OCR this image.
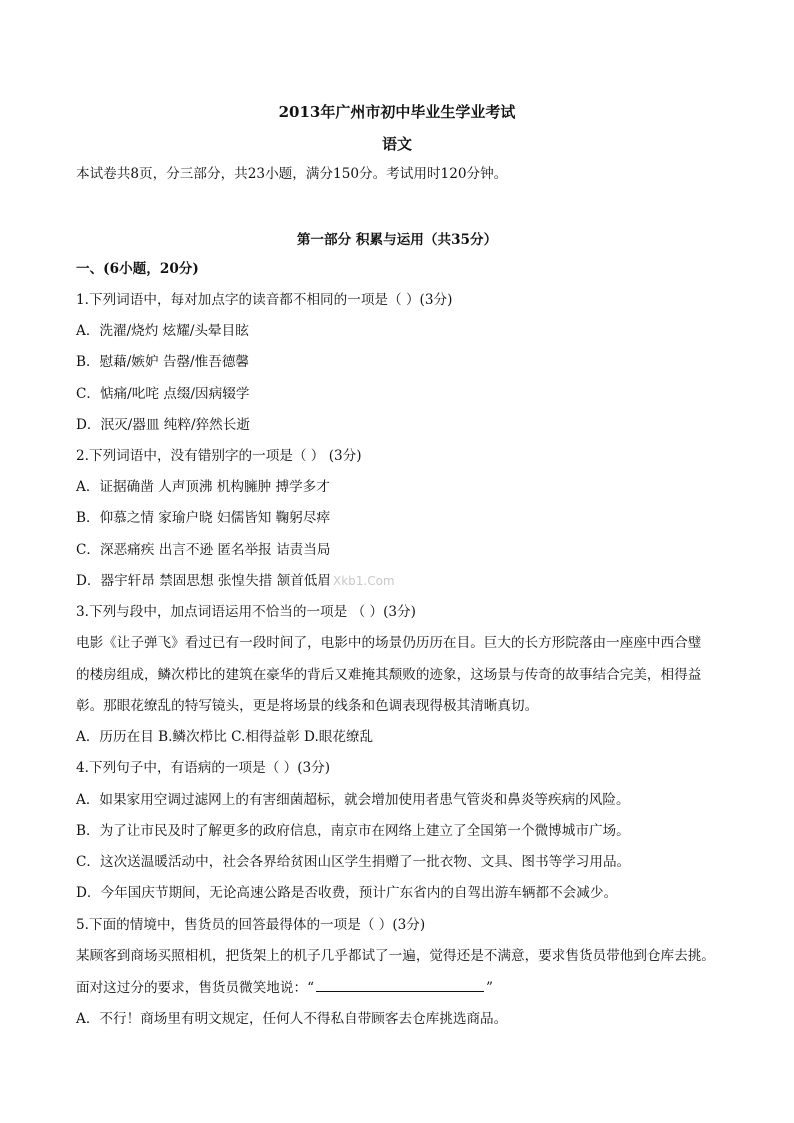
2013年广州市初中毕业生学业考试
语文
本试卷共8页，分三部分，共23小题，满分150分。考试用时120分钟。
第一部分 积累与运用（共35分）
一、(6小题，20分)
1.下列词语中，每对加点字的读音都不相同的一项是（ ）(3分)
A．洗濯/烧灼 炫耀/头晕目眩
B．慰藉/嫉妒 告罄/惟吾德馨
C．惦痛/叱咤 点缀/因病辍学
D．泯灭/器皿 纯粹/猝然长逝
2.下列词语中，没有错别字的一项是（ ） (3分)
A．证据确凿 人声顶沸 机构臃肿 搏学多才
B．仰慕之情 家瑜户晓 妇儒皆知 鞠躬尽瘁
C．深恶痛疾 出言不逊 匿名举报 诘责当局
D．器宇轩昂 禁固思想 张惶失措 颔首低眉 Xkb1.Com
3.下列与段中，加点词语运用不恰当的一项是 （ ）(3分)
电影《让子弹飞》看过已有一段时间了，电影中的场景仍历历在目。巨大的长方形院落由一座座中西合璧
的楼房组成，鳞次栉比的建筑在豪华的背后又难掩其颓败的迹象，这场景与传奇的故事结合完美，相得益
彰。那眼花缭乱的特写镜头，更是将场景的线条和色调表现得极其清晰真切。
A．历历在目 B.鳞次栉比 C.相得益彰 D.眼花缭乱
4.下列句子中，有语病的一项是（ ）(3分)
A．如果家用空调过滤网上的有害细菌超标，就会增加使用者患气管炎和鼻炎等疾病的风险。
B．为了让市民及时了解更多的政府信息，南京市在网络上建立了全国第一个微博城市广场。
C．这次送温暖活动中，社会各界给贫困山区学生捐赠了一批衣物、文具、图书等学习用品。
D．今年国庆节期间，无论高速公路是否收费，预计广东省内的自驾出游车辆都不会减少。
5.下面的情境中，售货员的回答最得体的一项是（ ）(3分)
某顾客到商场买照相机，把货架上的机子几乎都试了一遍，觉得还是不满意，要求售货员带他到仓库去挑。
面对这过分的要求，售货员微笑地说：“	”
A．不行！商场里有明文规定，任何人不得私自带顾客去仓库挑选商品。
